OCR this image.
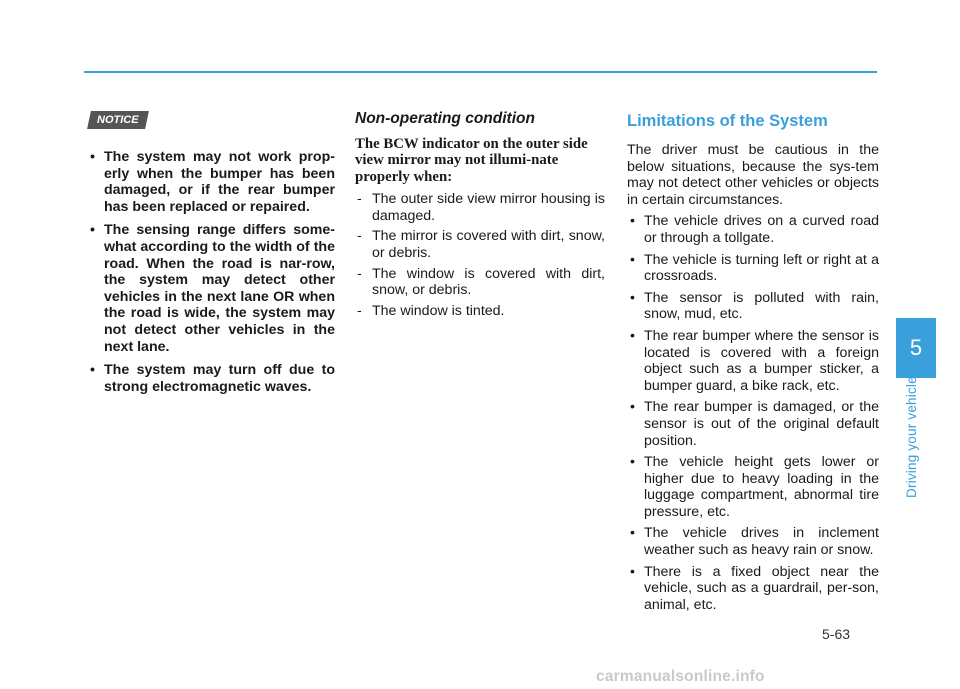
NOTICE
• The system may not work prop-erly when the bumper has been damaged, or if the rear bumper has been replaced or repaired.
• The sensing range differs some-what according to the width of the road. When the road is nar-row, the system may detect other vehicles in the next lane OR when the road is wide, the system may not detect other vehicles in the next lane.
• The system may turn off due to strong electromagnetic waves.
Non-operating condition
The BCW indicator on the outer side view mirror may not illumi-nate properly when:
- The outer side view mirror housing is damaged.
- The mirror is covered with dirt, snow, or debris.
- The window is covered with dirt, snow, or debris.
- The window is tinted.
Limitations of the System

The driver must be cautious in the below situations, because the sys-tem may not detect other vehicles or objects in certain circumstances.

• The vehicle drives on a curved road or through a tollgate.
• The vehicle is turning left or right at a crossroads.
• The sensor is polluted with rain, snow, mud, etc.
• The rear bumper where the sensor is located is covered with a foreign object such as a bumper sticker, a bumper guard, a bike rack, etc.
• The rear bumper is damaged, or the sensor is out of the original default position.
• The vehicle height gets lower or higher due to heavy loading in the luggage compartment, abnormal tire pressure, etc.
• The vehicle drives in inclement weather such as heavy rain or snow.
• There is a fixed object near the vehicle, such as a guardrail, per-son, animal, etc.
5
Driving your vehicle
5-63
carmanualsonline.info
